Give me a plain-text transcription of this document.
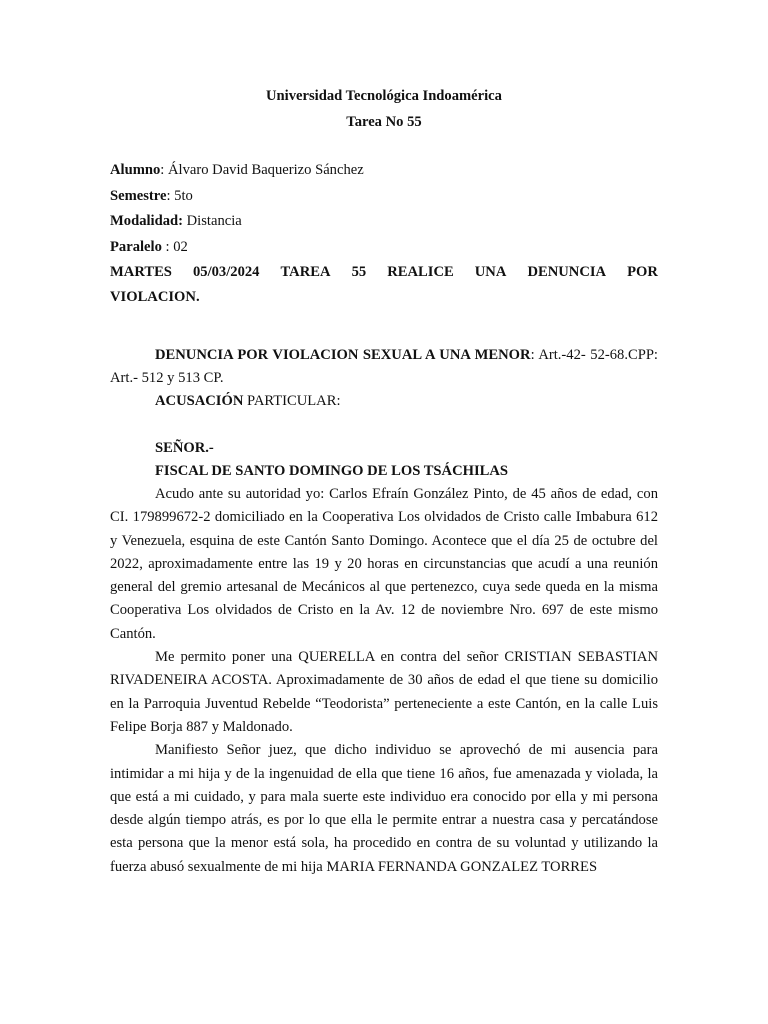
Universidad Tecnológica Indoamérica

Tarea No 55

Alumno: Álvaro David Baquerizo Sánchez

Semestre: 5to

Modalidad: Distancia

Paralelo : 02

MARTES 05/03/2024 TAREA 55 REALICE UNA DENUNCIA POR

VIOLACION.

DENUNCIA POR VIOLACION SEXUAL A UNA MENOR: Art.-42- 52-68.CPP: Art.- 512 y 513 CP.

ACUSACIÓN PARTICULAR:

SEÑOR.-

FISCAL DE SANTO DOMINGO DE LOS TSÁCHILAS

Acudo ante su autoridad yo: Carlos Efraín González Pinto, de 45 años de edad, con CI. 179899672-2 domiciliado en la Cooperativa Los olvidados de Cristo calle Imbabura 612 y Venezuela, esquina de este Cantón Santo Domingo. Acontece que el día 25 de octubre del 2022, aproximadamente entre las 19 y 20 horas en circunstancias que acudí a una reunión general del gremio artesanal de Mecánicos al que pertenezco, cuya sede queda en la misma Cooperativa Los olvidados de Cristo en la Av. 12 de noviembre Nro. 697 de este mismo Cantón.

Me permito poner una QUERELLA en contra del señor CRISTIAN SEBASTIAN RIVADENEIRA ACOSTA. Aproximadamente de 30 años de edad el que tiene su domicilio en la Parroquia Juventud Rebelde “Teodorista” perteneciente a este Cantón, en la calle Luis Felipe Borja 887 y Maldonado.

Manifiesto Señor juez, que dicho individuo se aprovechó de mi ausencia para intimidar a mi hija y de la ingenuidad de ella que tiene 16 años, fue amenazada y violada, la que está a mi cuidado, y para mala suerte este individuo era conocido por ella y mi persona desde algún tiempo atrás, es por lo que ella le permite entrar a nuestra casa y percatándose esta persona que la menor está sola, ha procedido en contra de su voluntad y utilizando la fuerza abusó sexualmente de mi hija MARIA FERNANDA GONZALEZ TORRES
